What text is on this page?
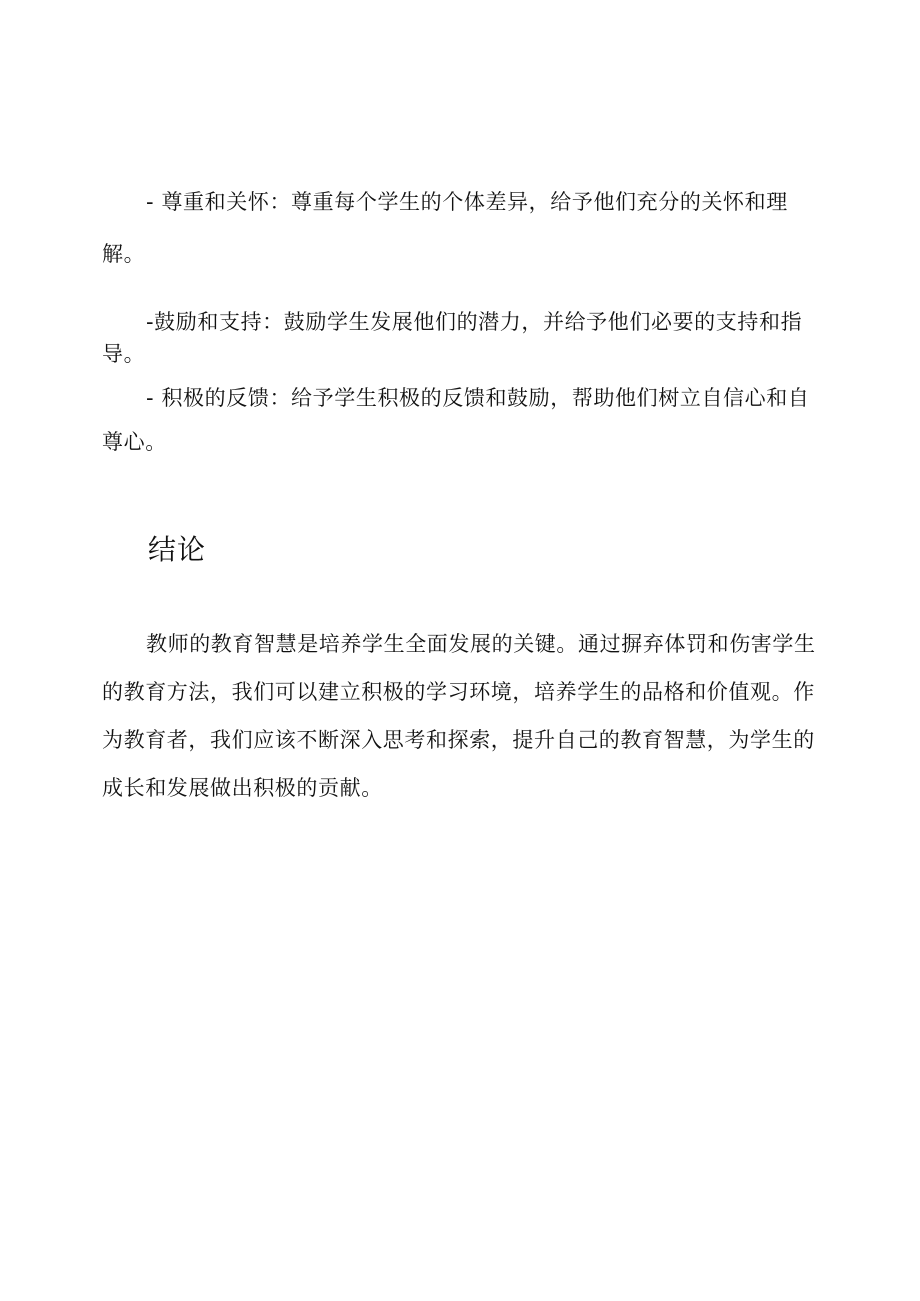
- 尊重和关怀：尊重每个学生的个体差异，给予他们充分的关怀和理解。

-鼓励和支持：鼓励学生发展他们的潜力，并给予他们必要的支持和指导。

- 积极的反馈：给予学生积极的反馈和鼓励，帮助他们树立自信心和自尊心。

结论

教师的教育智慧是培养学生全面发展的关键。通过摒弃体罚和伤害学生的教育方法，我们可以建立积极的学习环境，培养学生的品格和价值观。作为教育者，我们应该不断深入思考和探索，提升自己的教育智慧，为学生的成长和发展做出积极的贡献。
